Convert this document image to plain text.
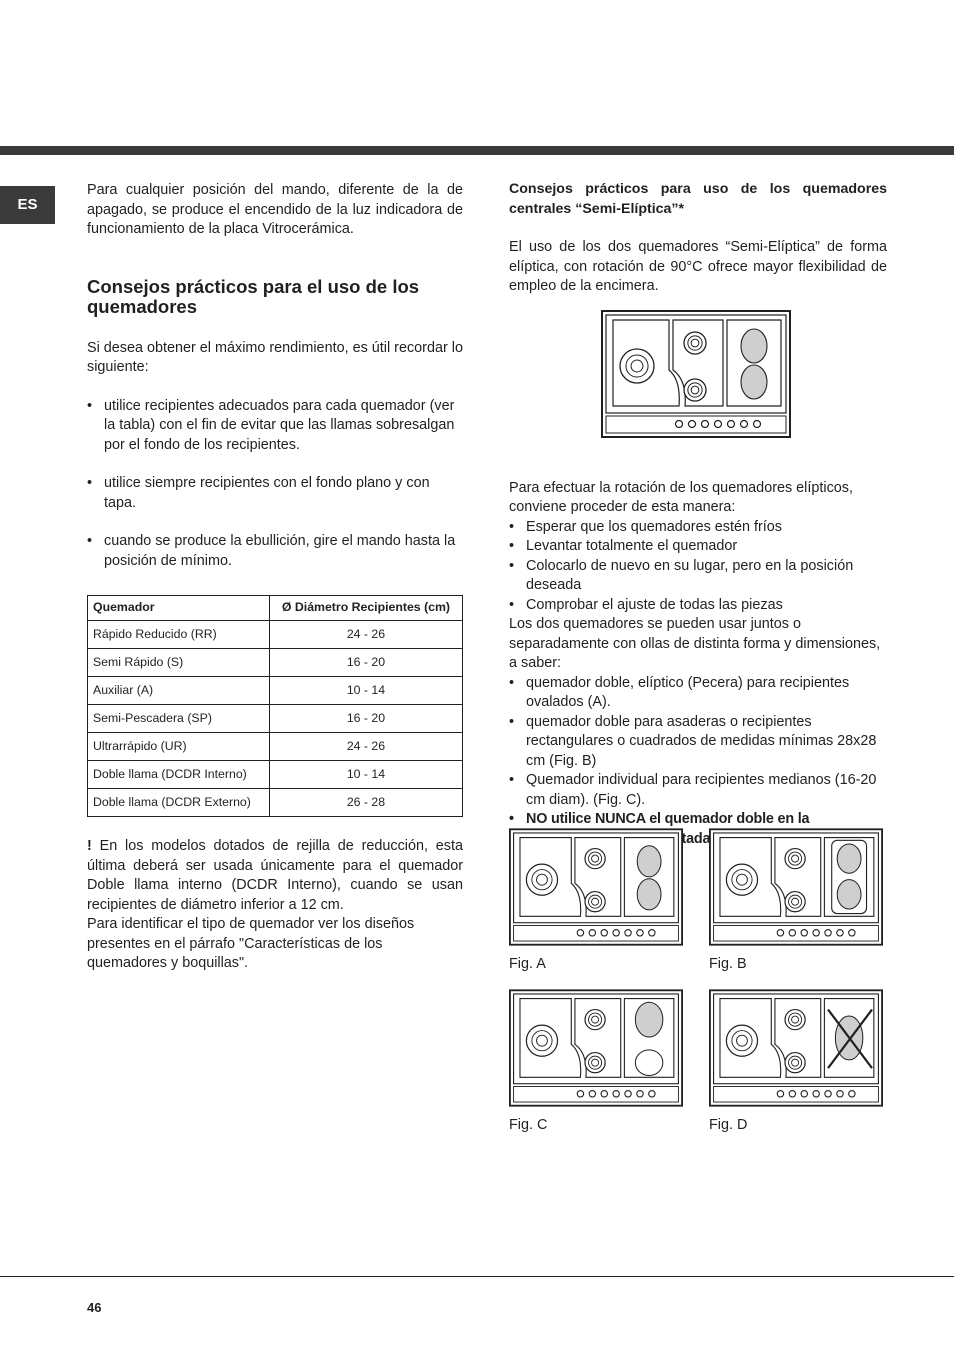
ES

Para cualquier posición del mando, diferente de la de apagado, se produce el encendido de la luz indicadora de funcionamiento de la placa Vitrocerámica.

Consejos prácticos para el uso de los quemadores

Si desea obtener el máximo rendimiento, es útil recordar lo siguiente:

• utilice recipientes adecuados para cada quemador (ver la tabla) con el fin de evitar que las llamas sobresalgan por el fondo de los recipientes.

• utilice siempre recipientes con el fondo plano y con tapa.

• cuando se produce la ebullición, gire el mando hasta la posición de mínimo.

Quemador	Ø Diámetro Recipientes (cm)
Rápido Reducido (RR)	24 - 26
Semi Rápido (S)	16 - 20
Auxiliar (A)	10 - 14
Semi-Pescadera (SP)	16 - 20
Ultrarrápido (UR)	24 - 26
Doble llama (DCDR Interno)	10 - 14
Doble llama (DCDR Externo)	26 - 28

! En los modelos dotados de rejilla de reducción, esta última deberá ser usada únicamente para el quemador Doble llama interno (DCDR Interno), cuando se usan recipientes de diámetro inferior a 12 cm.

Para identificar el tipo de quemador ver los diseños presentes en el párrafo "Características de los quemadores y boquillas".

Consejos prácticos para uso de los quemadores centrales “Semi-Elíptica”*

El uso de los dos quemadores “Semi-Elíptica” de forma elíptica, con rotación de 90°C ofrece mayor flexibilidad de empleo de la encimera.

Para efectuar la rotación de los quemadores elípticos, conviene proceder de esta manera:

• Esperar que los quemadores estén fríos

• Levantar totalmente el quemador

• Colocarlo de nuevo en su lugar, pero en la posición deseada

• Comprobar el ajuste de todas las piezas

Los dos quemadores se pueden usar juntos o separadamente con ollas de distinta forma y dimensiones, a saber:

• quemador doble, elíptico (Pecera) para recipientes ovalados (A).

• quemador doble para asaderas o recipientes rectangulares o cuadrados de medidas mínimas 28x28 cm (Fig. B)

• Quemador individual para recipientes medianos (16-20 cm diam). (Fig. C).

• NO utilice NUNCA el quemador doble en la

Fig. A	Fig. B
Fig. C	Fig. D
46
